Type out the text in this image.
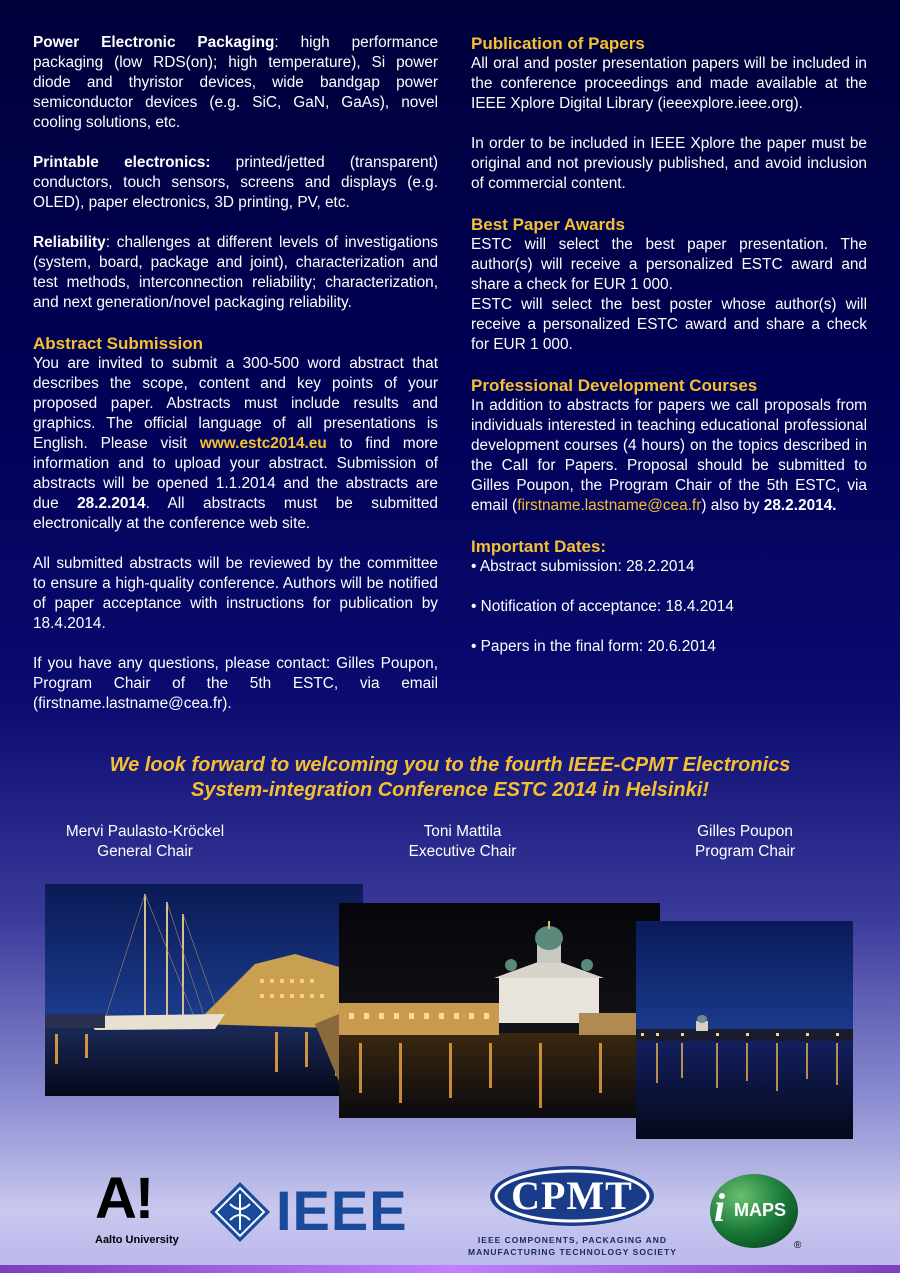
Power Electronic Packaging: high performance packaging (low RDS(on); high temperature), Si power diode and thyristor devices, wide bandgap power semiconductor devices (e.g. SiC, GaN, GaAs), novel cooling solutions, etc.

Printable electronics: printed/jetted (transparent) conductors, touch sensors, screens and displays (e.g. OLED), paper electronics, 3D printing, PV, etc.

Reliability: challenges at different levels of investigations (system, board, package and joint), characterization and test methods, interconnection reliability; characterization, and next generation/novel packaging reliability.

Abstract Submission

You are invited to submit a 300-500 word abstract that describes the scope, content and key points of your proposed paper. Abstracts must include results and graphics. The official language of all presentations is English. Please visit www.estc2014.eu to find more information and to upload your abstract. Submission of abstracts will be opened 1.1.2014 and the abstracts are due 28.2.2014. All abstracts must be submitted electronically at the conference web site.

All submitted abstracts will be reviewed by the committee to ensure a high-quality conference. Authors will be notified of paper acceptance with instructions for publication by 18.4.2014.

If you have any questions, please contact: Gilles Poupon, Program Chair of the 5th ESTC, via email (firstname.lastname@cea.fr).

Publication of Papers

All oral and poster presentation papers will be included in the conference proceedings and made available at the IEEE Xplore Digital Library (ieeexplore.ieee.org).

In order to be included in IEEE Xplore the paper must be original and not previously published, and avoid inclusion of commercial content.

Best Paper Awards

ESTC will select the best paper presentation. The author(s) will receive a personalized ESTC award and share a check for EUR 1 000.

ESTC will select the best poster whose author(s) will receive a personalized ESTC award and share a check for EUR 1 000.

Professional Development Courses

In addition to abstracts for papers we call proposals from individuals interested in teaching educational professional development courses (4 hours) on the topics described in the Call for Papers. Proposal should be submitted to Gilles Poupon, the Program Chair of the 5th ESTC, via email (firstname.lastname@cea.fr) also by 28.2.2014.

Important Dates:
• Abstract submission: 28.2.2014
• Notification of acceptance: 18.4.2014
• Papers in the final form: 20.6.2014
We look forward to welcoming you to the fourth IEEE-CPMT Electronics
System-integration Conference ESTC 2014 in Helsinki!
Mervi Paulasto-Kröckel
General Chair
Toni Mattila
Executive Chair
Gilles Poupon
Program Chair
A!
Aalto University IEEE	CPMT
IEEE COMPONENTS, PACKAGING AND
MANUFACTURING TECHNOLOGY SOCIETY
i MAPS
®
